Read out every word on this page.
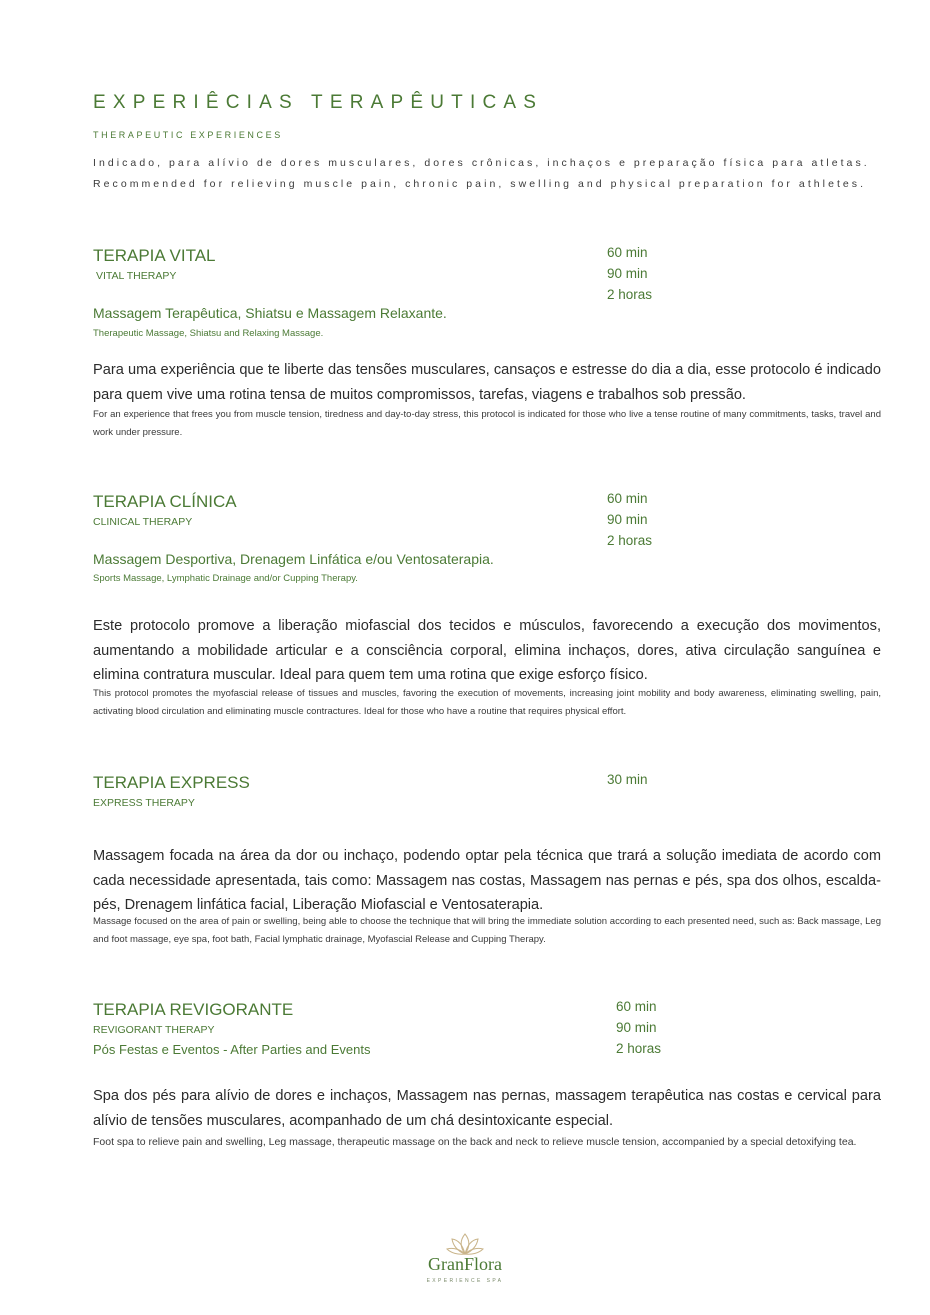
EXPERIÊCIAS TERAPÊUTICAS
THERAPEUTIC EXPERIENCES
Indicado, para alívio de dores musculares, dores crônicas, inchaços e preparação física para atletas.
Recommended for relieving muscle pain, chronic pain, swelling and physical preparation for athletes.
TERAPIA VITAL
VITAL THERAPY
60 min
90 min
2 horas
Massagem Terapêutica, Shiatsu e Massagem Relaxante.
Therapeutic Massage, Shiatsu and Relaxing Massage.
Para uma experiência que te liberte das tensões musculares, cansaços e estresse do dia a dia, esse protocolo é indicado para quem vive uma rotina tensa de muitos compromissos, tarefas, viagens e trabalhos sob pressão.
For an experience that frees you from muscle tension, tiredness and day-to-day stress, this protocol is indicated for those who live a tense routine of many commitments, tasks, travel and work under pressure.
TERAPIA CLÍNICA
CLINICAL THERAPY
60 min
90 min
2 horas
Massagem Desportiva, Drenagem Linfática e/ou Ventosaterapia.
Sports Massage, Lymphatic Drainage and/or Cupping Therapy.
Este protocolo promove a liberação miofascial dos tecidos e músculos, favorecendo a execução dos movimentos, aumentando a mobilidade articular e a consciência corporal, elimina inchaços, dores, ativa circulação sanguínea e elimina contratura muscular. Ideal para quem tem uma rotina que exige esforço físico.
This protocol promotes the myofascial release of tissues and muscles, favoring the execution of movements, increasing joint mobility and body awareness, eliminating swelling, pain, activating blood circulation and eliminating muscle contractures. Ideal for those who have a routine that requires physical effort.
TERAPIA EXPRESS
EXPRESS THERAPY
30 min
Massagem focada na área da dor ou inchaço, podendo optar pela técnica que trará a solução imediata de acordo com cada necessidade apresentada, tais como: Massagem nas costas, Massagem nas pernas e pés, spa dos olhos, escalda-pés, Drenagem linfática facial, Liberação Miofascial e Ventosaterapia.
Massage focused on the area of pain or swelling, being able to choose the technique that will bring the immediate solution according to each presented need, such as: Back massage, Leg and foot massage, eye spa, foot bath, Facial lymphatic drainage, Myofascial Release and Cupping Therapy.
TERAPIA REVIGORANTE
REVIGORANT THERAPY
60 min
90 min
2 horas
Pós Festas e Eventos - After Parties and Events
Spa dos pés para alívio de dores e inchaços, Massagem nas pernas, massagem terapêutica nas costas e cervical para alívio de tensões musculares, acompanhado de um chá desintoxicante especial.
Foot spa to relieve pain and swelling, Leg massage, therapeutic massage on the back and neck to relieve muscle tension, accompanied by a special detoxifying tea.
GranFlora
EXPERIENCE SPA
